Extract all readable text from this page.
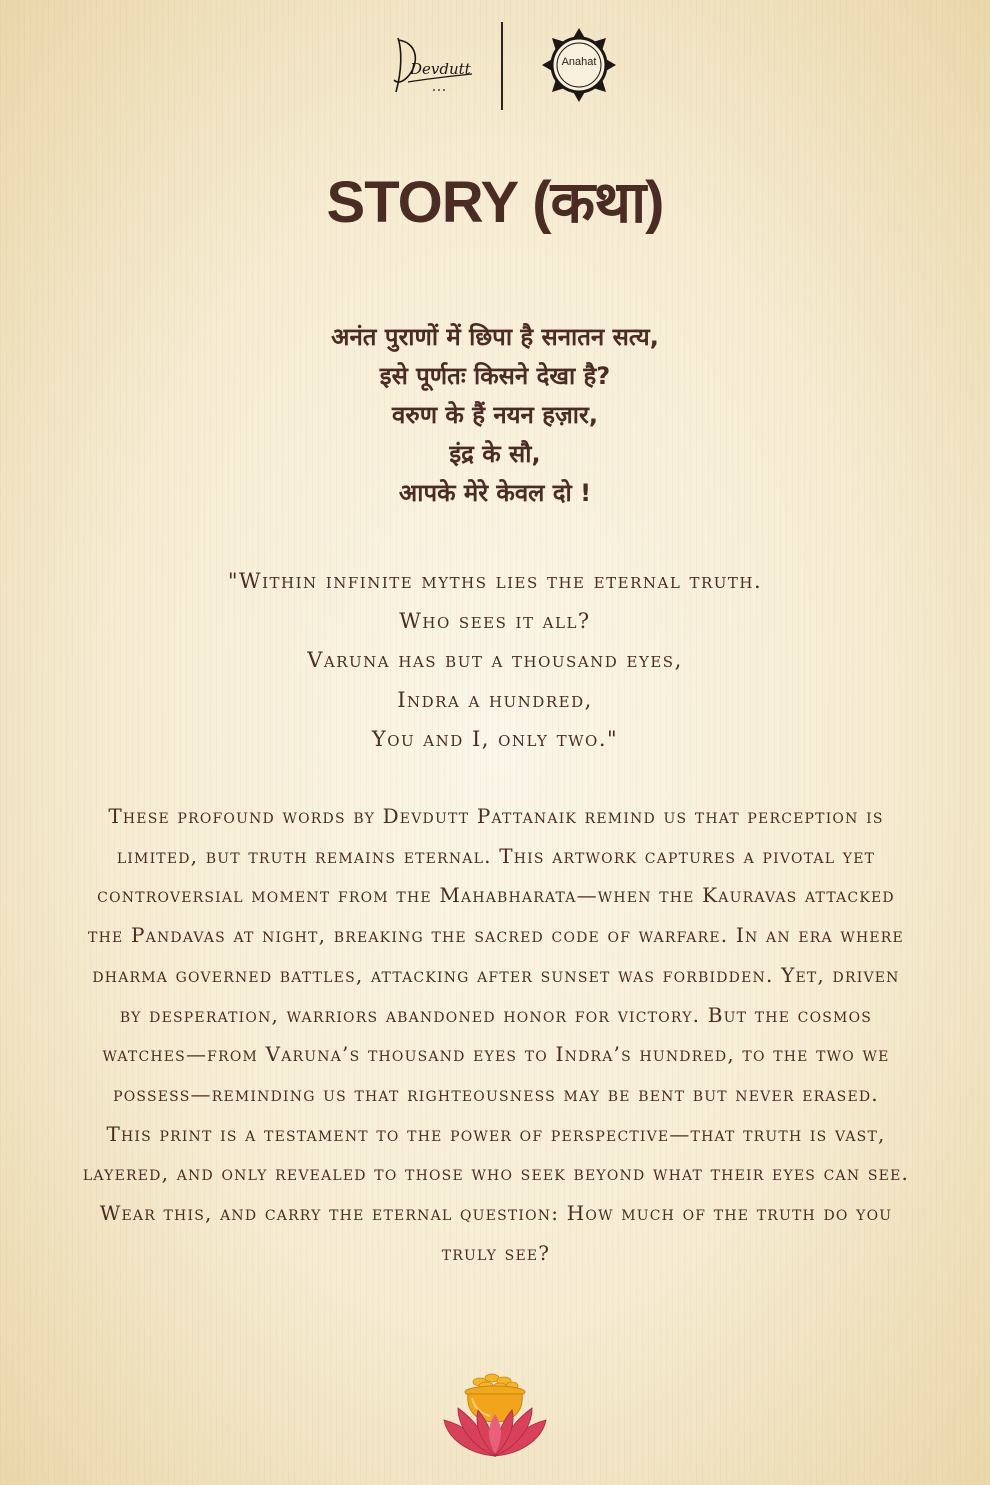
Devdutt	Anahat
STORY (कथा)
अनंत पुराणों में छिपा है सनातन सत्य,
इसे पूर्णतः किसने देखा है?
वरुण के हैं नयन हज़ार,
इंद्र के सौ,
आपके मेरे केवल दो !
"Within infinite myths lies the eternal truth.
Who sees it all?
Varuna has but a thousand eyes,
Indra a hundred,
You and I, only two."

These profound words by Devdutt Pattanaik remind us that perception is limited, but truth remains eternal. This artwork captures a pivotal yet controversial moment from the Mahabharata—when the Kauravas attacked the Pandavas at night, breaking the sacred code of warfare. In an era where dharma governed battles, attacking after sunset was forbidden. Yet, driven by desperation, warriors abandoned honor for victory. But the cosmos watches—from Varuna’s thousand eyes to Indra’s hundred, to the two we possess—reminding us that righteousness may be bent but never erased.

This print is a testament to the power of perspective—that truth is vast, layered, and only revealed to those who seek beyond what their eyes can see.

Wear this, and carry the eternal question: How much of the truth do you truly see?
